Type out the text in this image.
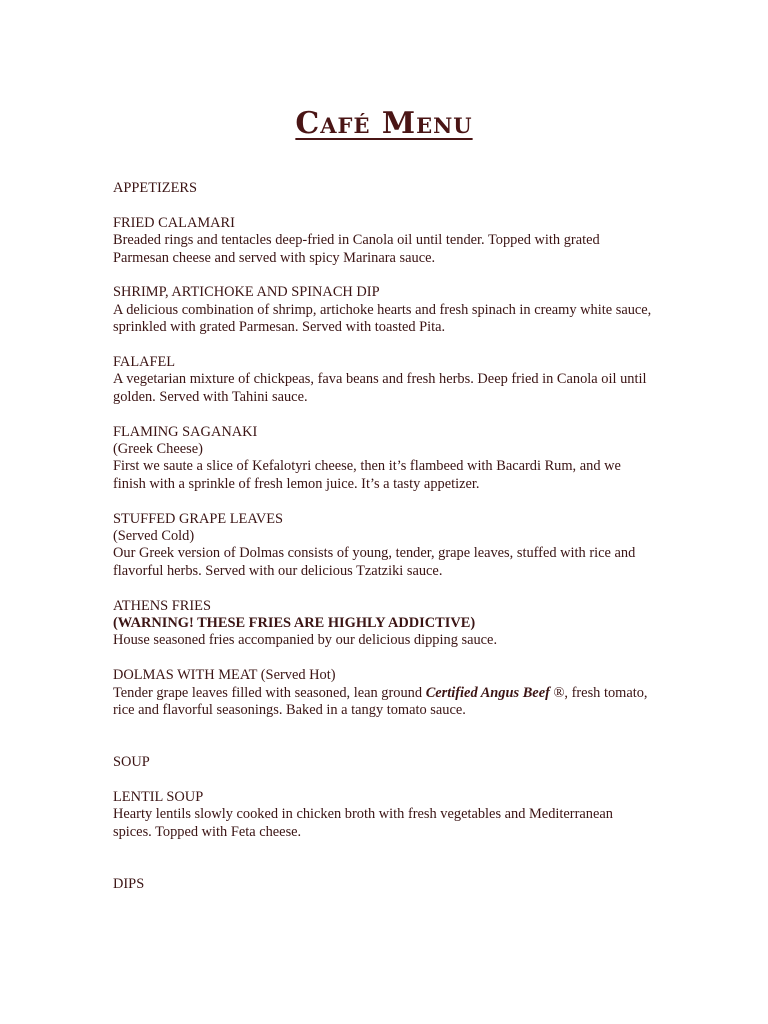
Café Menu

APPETIZERS

FRIED CALAMARI

Breaded rings and tentacles deep-fried in Canola oil until tender. Topped with grated Parmesan cheese and served with spicy Marinara sauce.

SHRIMP, ARTICHOKE AND SPINACH DIP

A delicious combination of shrimp, artichoke hearts and fresh spinach in creamy white sauce, sprinkled with grated Parmesan. Served with toasted Pita.

FALAFEL

A vegetarian mixture of chickpeas, fava beans and fresh herbs. Deep fried in Canola oil until golden. Served with Tahini sauce.

FLAMING SAGANAKI

(Greek Cheese)

First we saute a slice of Kefalotyri cheese, then it’s flambeed with Bacardi Rum, and we finish with a sprinkle of fresh lemon juice. It’s a tasty appetizer.

STUFFED GRAPE LEAVES

(Served Cold)

Our Greek version of Dolmas consists of young, tender, grape leaves, stuffed with rice and flavorful herbs. Served with our delicious Tzatziki sauce.

ATHENS FRIES

(WARNING! THESE FRIES ARE HIGHLY ADDICTIVE)

House seasoned fries accompanied by our delicious dipping sauce.

DOLMAS WITH MEAT (Served Hot)

Tender grape leaves filled with seasoned, lean ground Certified Angus Beef ®, fresh tomato, rice and flavorful seasonings. Baked in a tangy tomato sauce.

SOUP

LENTIL SOUP

Hearty lentils slowly cooked in chicken broth with fresh vegetables and Mediterranean spices. Topped with Feta cheese.

DIPS
